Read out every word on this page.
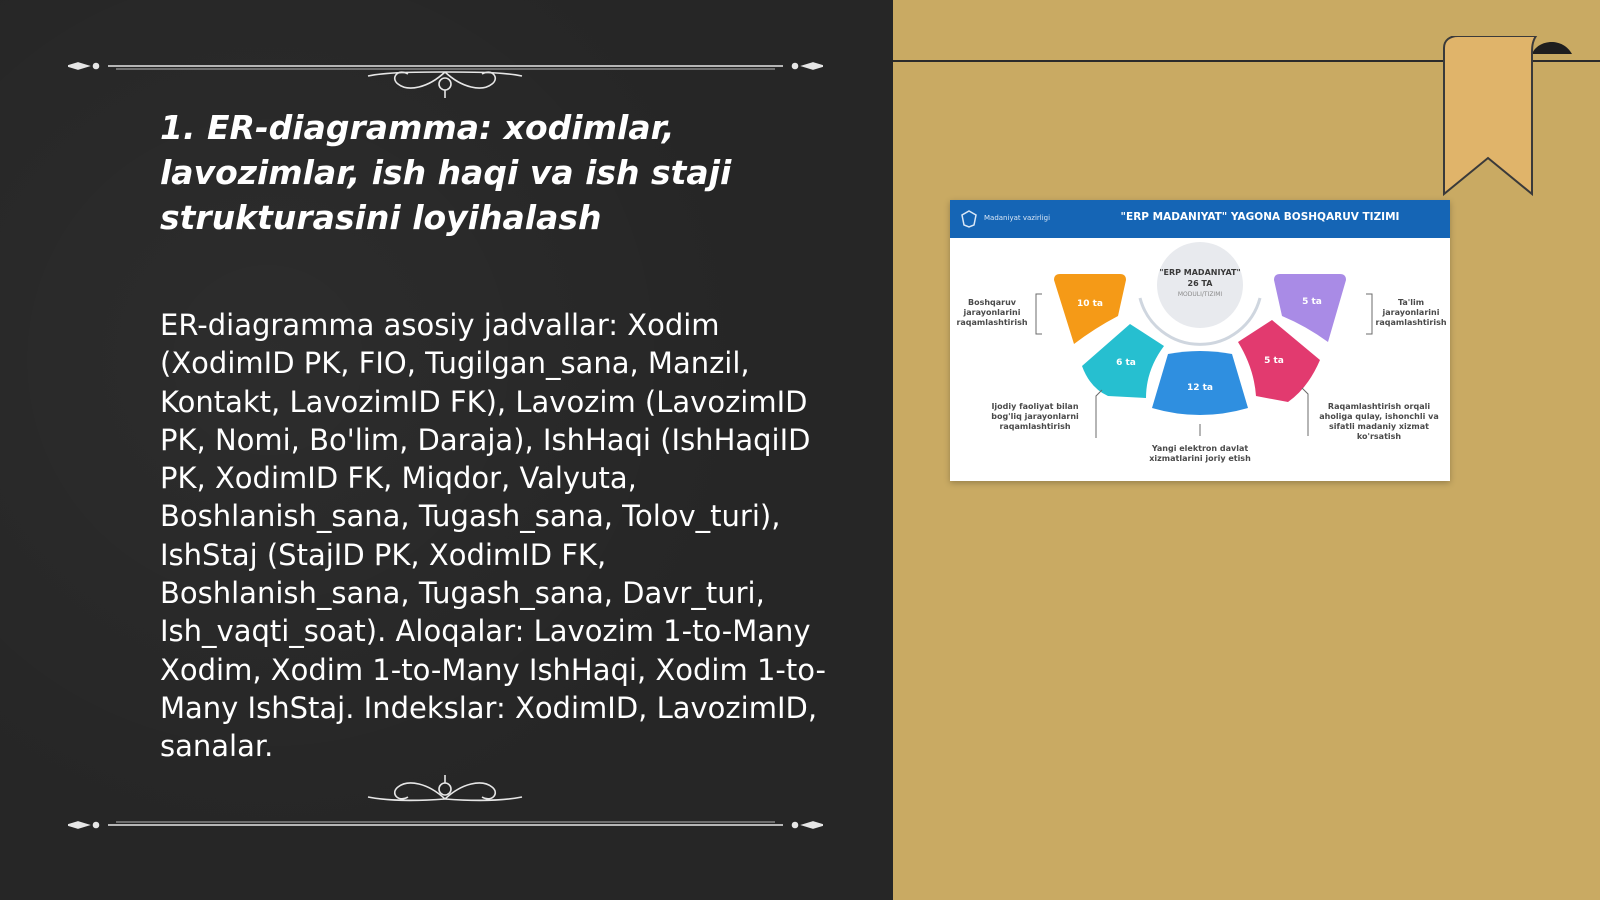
1. ER-diagramma: xodimlar, lavozimlar, ish haqi va ish staji strukturasini loyihalash

ER-diagramma asosiy jadvallar: Xodim (XodimID PK, FIO, Tugilgan_sana, Manzil, Kontakt, LavozimID FK), Lavozim (LavozimID PK, Nomi, Bo'lim, Daraja), IshHaqi (IshHaqiID PK, XodimID FK, Miqdor, Valyuta, Boshlanish_sana, Tugash_sana, Tolov_turi), IshStaj (StajID PK, XodimID FK, Boshlanish_sana, Tugash_sana, Davr_turi, Ish_vaqti_soat). Aloqalar: Lavozim 1-to-Many Xodim, Xodim 1-to-Many IshHaqi, Xodim 1-to-Many IshStaj. Indekslar: XodimID, LavozimID, sanalar.

Madaniyat vazirligi	"ERP MADANIYAT" YAGONA BOSHQARUV TIZIMI
"ERP MADANIYAT"
26 TA
MODULI/TIZIMI
10 ta
6 ta
12 ta
5 ta
5 ta
Boshqaruv jarayonlarini raqamlashtirish
Ta'lim jarayonlarini raqamlashtirish
Ijodiy faoliyat bilan bog'liq jarayonlarni raqamlashtirish
Raqamlashtirish orqali aholiga qulay, ishonchli va sifatli madaniy xizmat ko'rsatish
Yangi elektron davlat xizmatlarini joriy etish
